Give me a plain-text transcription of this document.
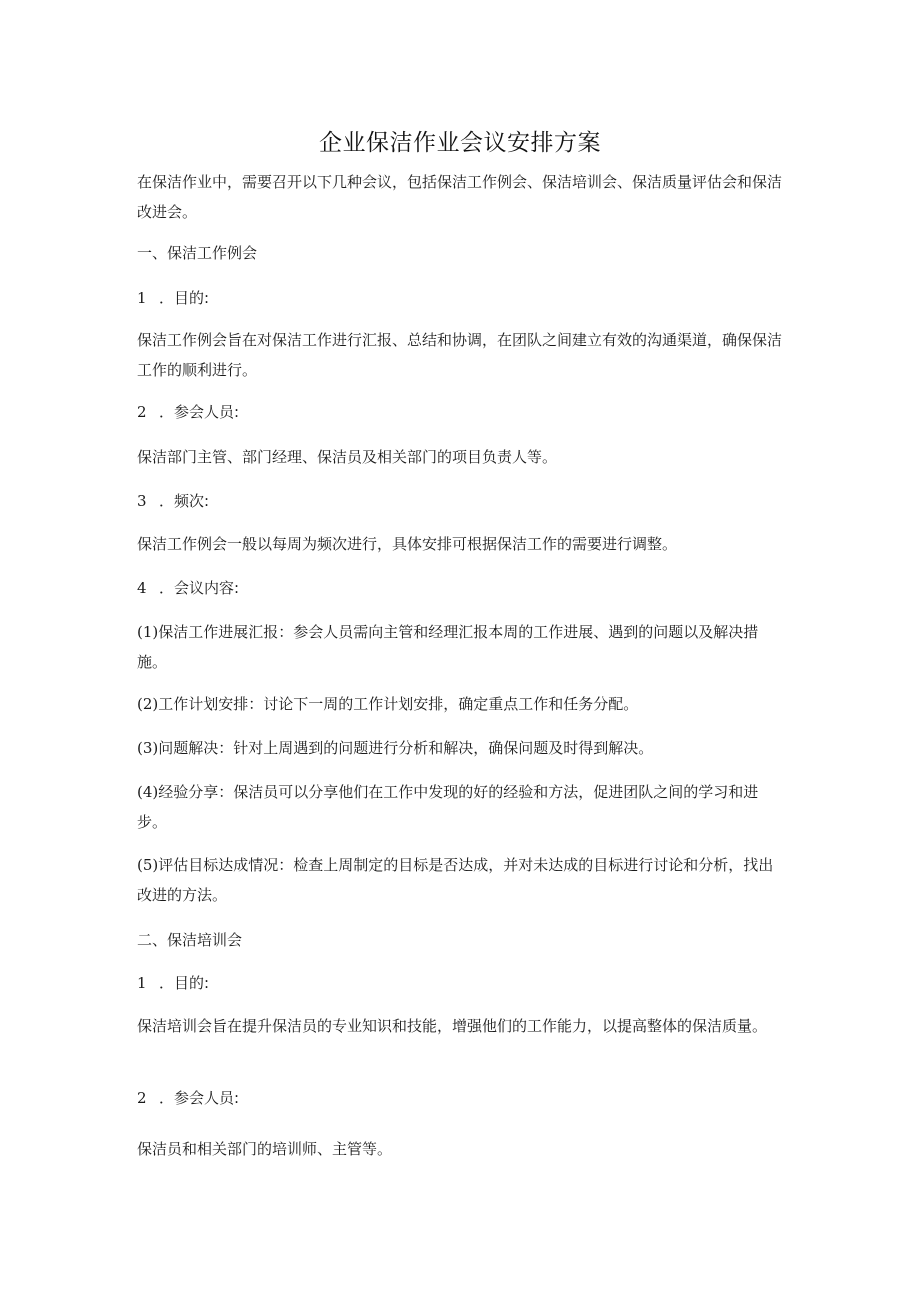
企业保洁作业会议安排方案

在保洁作业中，需要召开以下几种会议，包括保洁工作例会、保洁培训会、保洁质量评估会和保洁改进会。

一、保洁工作例会

1 ．目的:

保洁工作例会旨在对保洁工作进行汇报、总结和协调，在团队之间建立有效的沟通渠道，确保保洁工作的顺利进行。

2 ．参会人员:

保洁部门主管、部门经理、保洁员及相关部门的项目负责人等。

3 ．频次:

保洁工作例会一般以每周为频次进行，具体安排可根据保洁工作的需要进行调整。

4 ．会议内容:

(1)保洁工作进展汇报：参会人员需向主管和经理汇报本周的工作进展、遇到的问题以及解决措施。

(2)工作计划安排：讨论下一周的工作计划安排，确定重点工作和任务分配。

(3)问题解决：针对上周遇到的问题进行分析和解决，确保问题及时得到解决。

(4)经验分享：保洁员可以分享他们在工作中发现的好的经验和方法，促进团队之间的学习和进步。

(5)评估目标达成情况：检查上周制定的目标是否达成，并对未达成的目标进行讨论和分析，找出改进的方法。

二、保洁培训会

1 ．目的:

保洁培训会旨在提升保洁员的专业知识和技能，增强他们的工作能力，以提高整体的保洁质量。

2 ．参会人员:

保洁员和相关部门的培训师、主管等。
